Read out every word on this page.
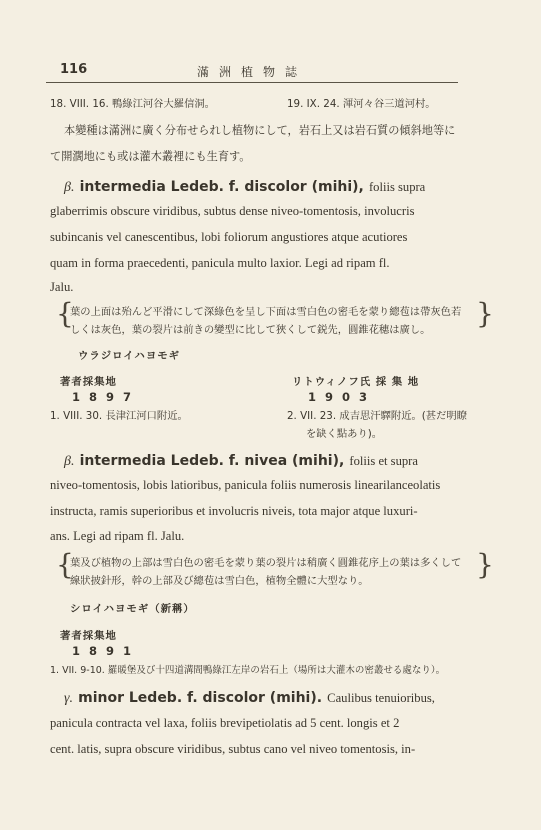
116	滿洲植物誌
18. VIII. 16. 鴨綠江河谷大羅信洞。	19. IX. 24. 渾河々谷三道河村。
本變種は滿洲に廣く分布せられし植物にして，岩石上又は岩石質の傾斜地等に
て開濶地にも或は灌木叢裡にも生育す。
β. intermedia Ledeb. f. discolor (mihi), foliis supra
glaberrimis obscure viridibus, subtus dense niveo-tomentosis, involucris
subincanis vel canescentibus, lobi foliorum angustiores atque acutiores
quam in forma praecedenti, panicula multo laxior. Legi ad ripam fl.
Jalu.
{
葉の上面は殆んど平滑にして深綠色を呈し下面は雪白色の密毛を蒙り總苞は帶灰色若
しくは灰色，葉の裂片は前きの變型に比して狹くして鋭先，圓錐花穗は廣し。 }
ウラジロイハヨモギ
著者採集地
1897
1. VIII. 30. 長津江河口附近。
リトウィノフ氏 採 集 地
1903
2. VII. 23. 成吉思汗驛附近。(甚だ明瞭
を缺く點あり)。
β. intermedia Ledeb. f. nivea (mihi), foliis et supra
niveo-tomentosis, lobis latioribus, panicula foliis numerosis linearilanceolatis
instructa, ramis superioribus et involucris niveis, tota major atque luxuri-
ans. Legi ad ripam fl. Jalu.
{
葉及び植物の上部は雪白色の密毛を蒙り葉の裂片は稍廣く圓錐花序上の葉は多くして
線狀披針形，幹の上部及び總苞は雪白色，植物全體に大型なり。	}
シロイハヨモギ（新稱）
著者採集地
1891
1. VII. 9-10. 羅暖堡及び十四道溝間鴨綠江左岸の岩石上（場所は大灌木の密叢せる處なり）。
γ. minor Ledeb. f. discolor (mihi). Caulibus tenuioribus,
panicula contracta vel laxa, foliis brevipetiolatis ad 5 cent. longis et 2
cent. latis, supra obscure viridibus, subtus cano vel niveo tomentosis, in-
